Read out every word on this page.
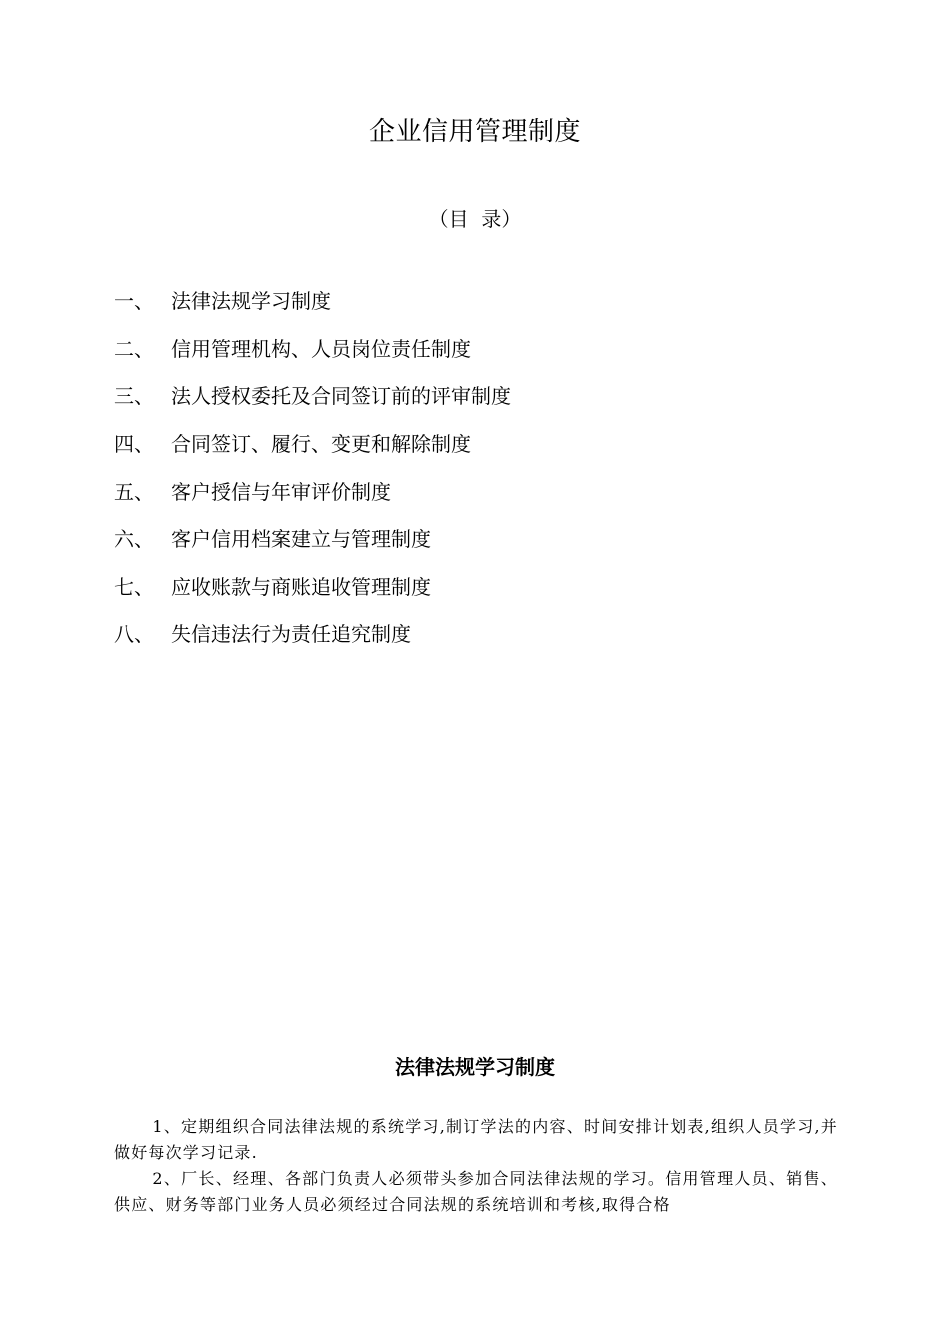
企业信用管理制度
（目  录）
一、 法律法规学习制度
二、 信用管理机构、人员岗位责任制度
三、 法人授权委托及合同签订前的评审制度
四、 合同签订、履行、变更和解除制度
五、 客户授信与年审评价制度
六、 客户信用档案建立与管理制度
七、 应收账款与商账追收管理制度
八、 失信违法行为责任追究制度
法律法规学习制度

1、定期组织合同法律法规的系统学习,制订学法的内容、时间安排计划表,组织人员学习,并做好每次学习记录.

2、厂长、经理、各部门负责人必须带头参加合同法律法规的学习。信用管理人员、销售、供应、财务等部门业务人员必须经过合同法规的系统培训和考核,取得合格
